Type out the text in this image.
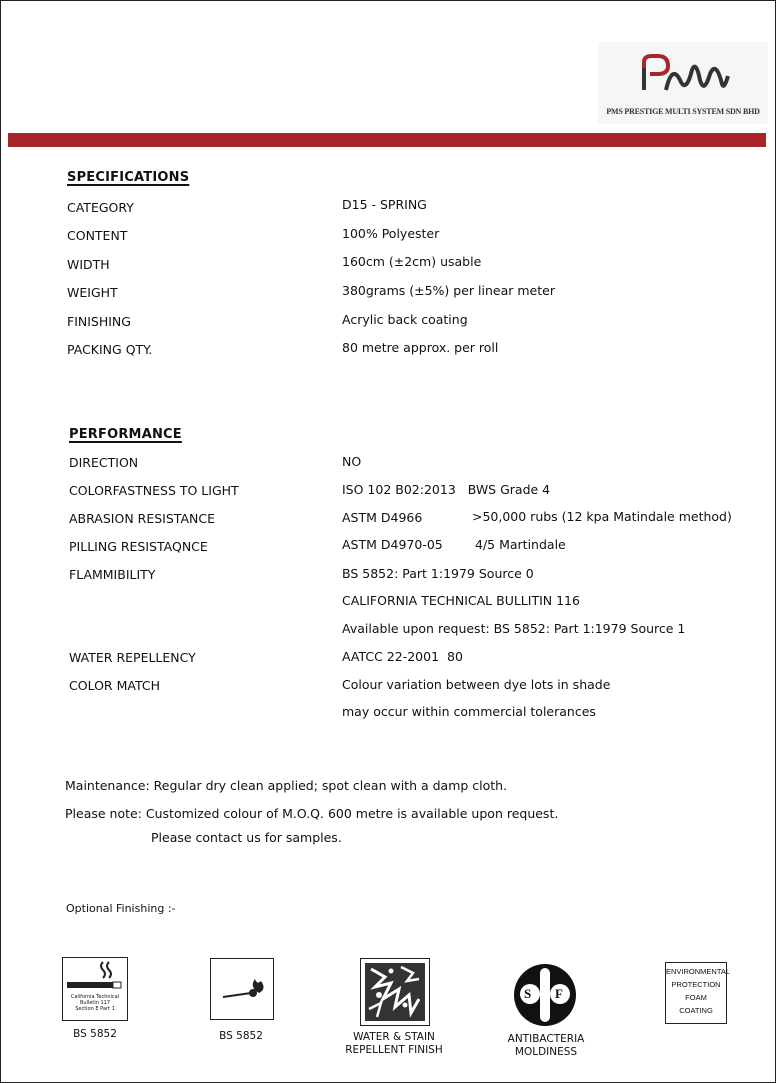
PMS PRESTIGE MULTI SYSTEM SDN BHD
SPECIFICATIONS
CATEGORY	D15 - SPRING
CONTENT	100% Polyester
WIDTH	160cm (±2cm) usable
WEIGHT	380grams (±5%) per linear meter
FINISHING	Acrylic back coating
PACKING QTY.	80 metre approx. per roll
PERFORMANCE
DIRECTION	NO
COLORFASTNESS TO LIGHT	ISO 102 B02:2013   BWS Grade 4
ABRASION RESISTANCE	ASTM D4966	>50,000 rubs (12 kpa Matindale method)
PILLING RESISTAQNCE	ASTM D4970-05	4/5 Martindale
FLAMMIBILITY	BS 5852: Part 1:1979 Source 0
CALIFORNIA TECHNICAL BULLITIN 116
Available upon request: BS 5852: Part 1:1979 Source 1
WATER REPELLENCY	AATCC 22-2001  80
COLOR MATCH	Colour variation between dye lots in shade
may occur within commercial tolerances
Maintenance: Regular dry clean applied; spot clean with a damp cloth.
Please note: Customized colour of M.O.Q. 600 metre is available upon request.
Please contact us for samples.
Optional Finishing :-
California Technical
Bulletin 117
Section E Part 1
BS 5852	BS 5852	WATER & STAIN
REPELLENT FINISH
S F
ANTIBACTERIA
MOLDINESS
ENVIRONMENTAL
PROTECTION
FOAM
COATING
